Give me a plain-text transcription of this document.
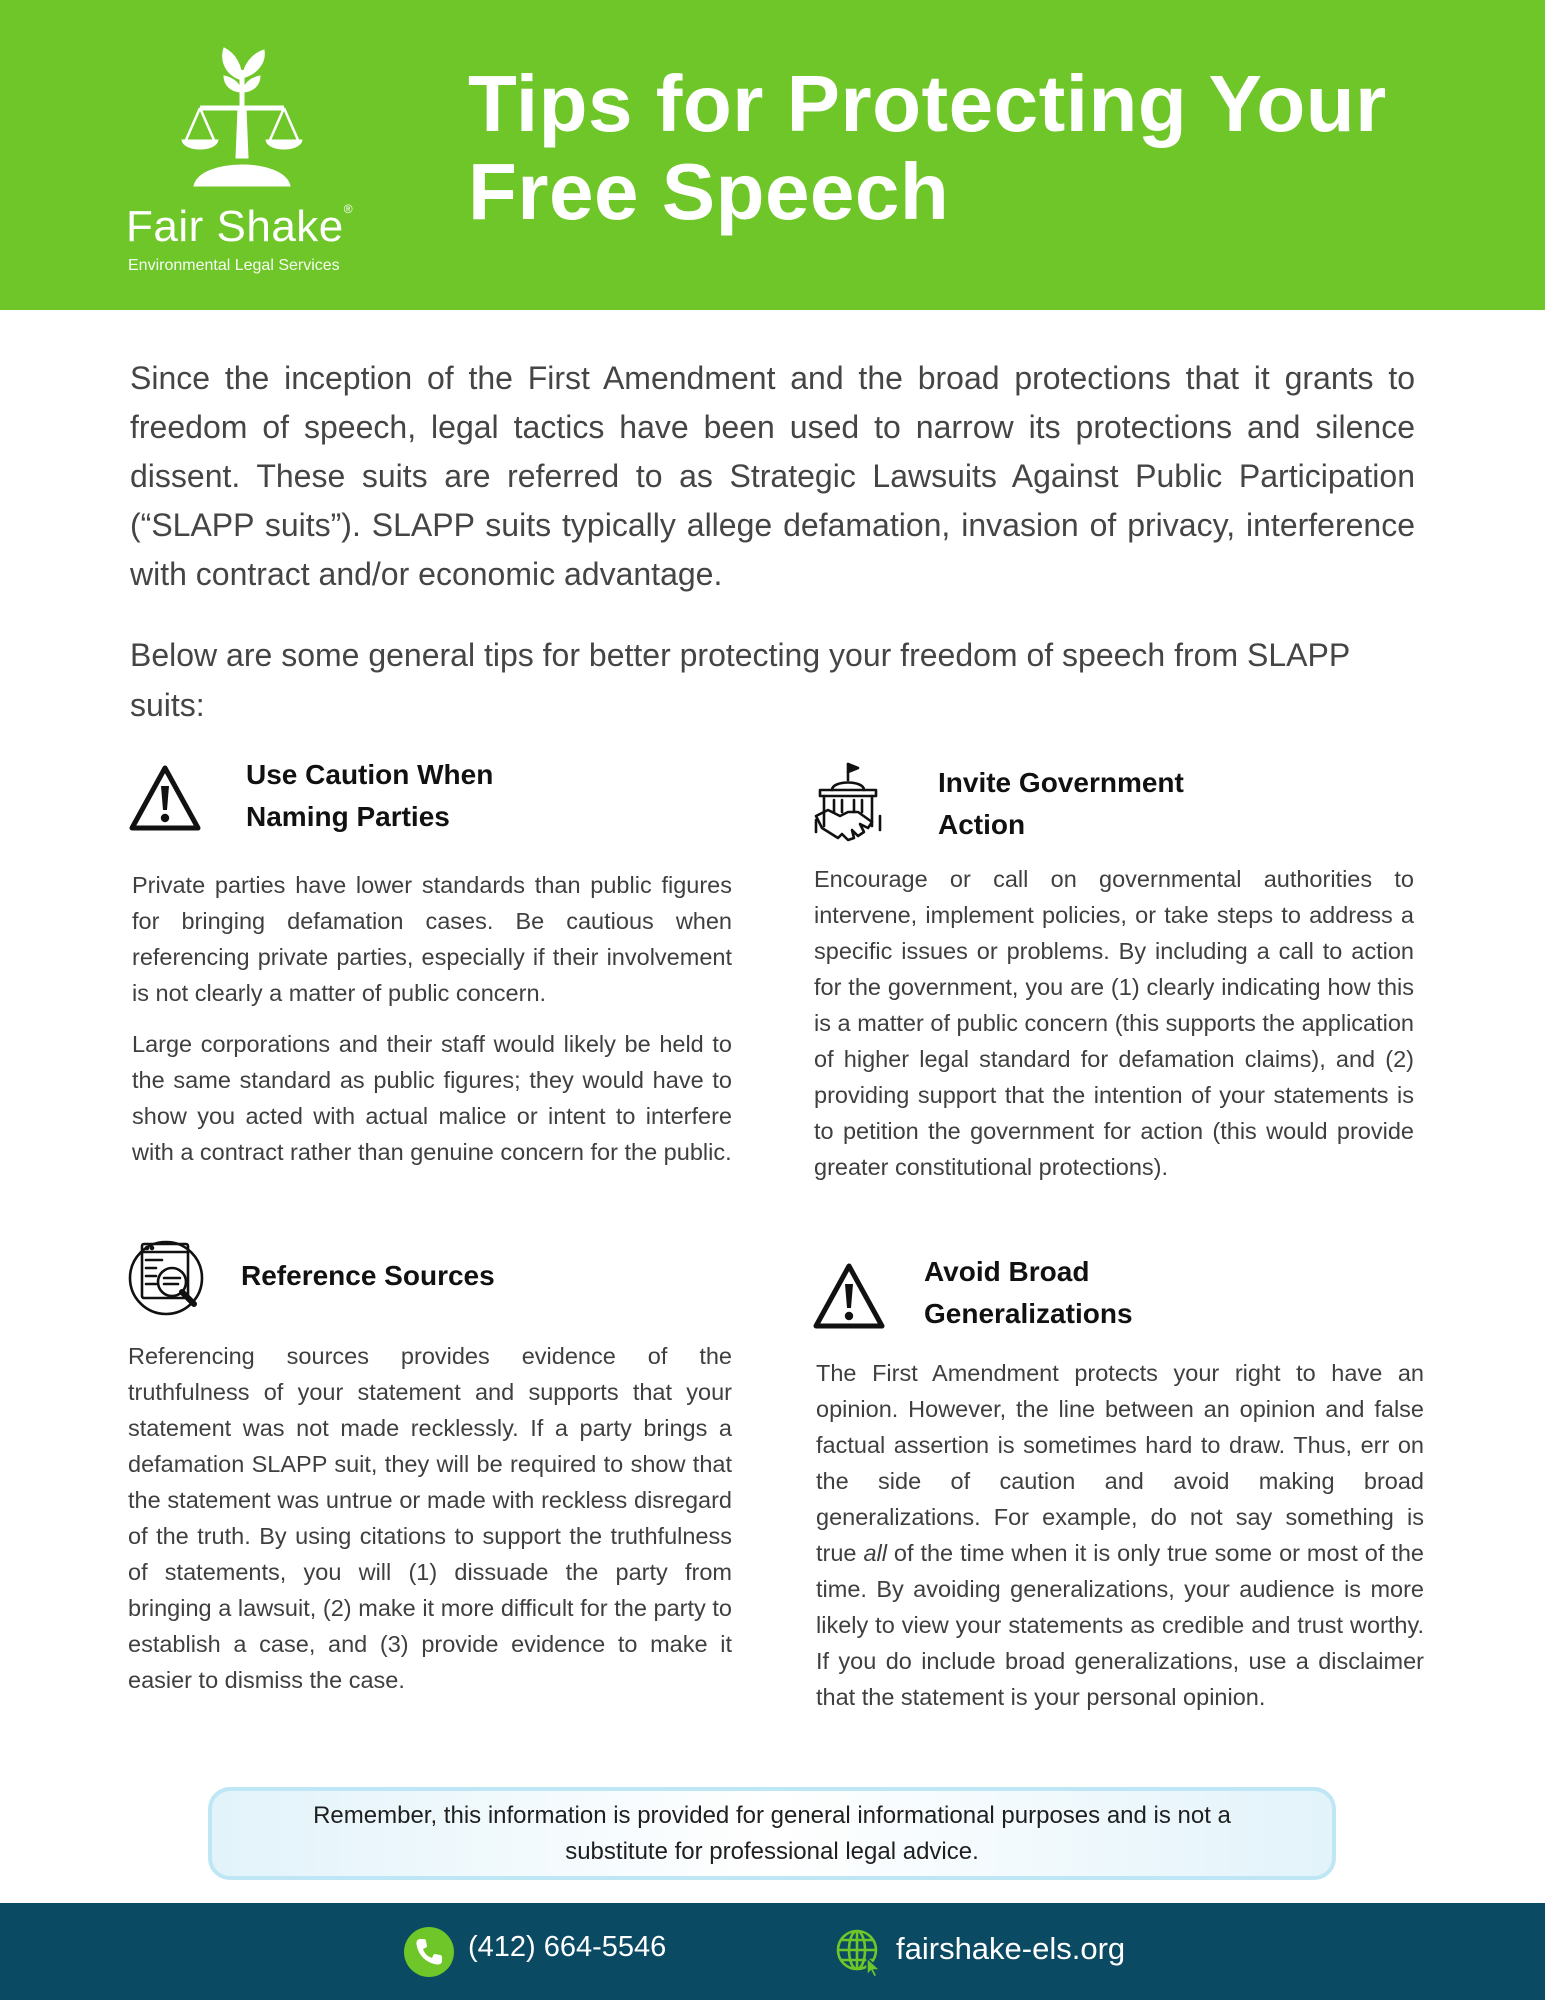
Fair Shake®
Environmental Legal Services
Tips for Protecting Your
Free Speech

Since the inception of the First Amendment and the broad protections that it grants to freedom of speech, legal tactics have been used to narrow its protections and silence dissent. These suits are referred to as Strategic Lawsuits Against Public Participation (“SLAPP suits”). SLAPP suits typically allege defamation, invasion of privacy, interference with contract and/or economic advantage.

Below are some general tips for better protecting your freedom of speech from SLAPP suits:

Use Caution When
Naming Parties

Private parties have lower standards than public figures for bringing defamation cases. Be cautious when referencing private parties, especially if their involvement is not clearly a matter of public concern.

Large corporations and their staff would likely be held to the same standard as public figures; they would have to show you acted with actual malice or intent to interfere with a contract rather than genuine concern for the public.

Invite Government
Action

Encourage or call on governmental authorities to intervene, implement policies, or take steps to address a specific issues or problems. By including a call to action for the government, you are (1) clearly indicating how this is a matter of public concern (this supports the application of higher legal standard for defamation claims), and (2) providing support that the intention of your statements is to petition the government for action (this would provide greater constitutional protections).

Reference Sources

Referencing sources provides evidence of the truthfulness of your statement and supports that your statement was not made recklessly. If a party brings a defamation SLAPP suit, they will be required to show that the statement was untrue or made with reckless disregard of the truth. By using citations to support the truthfulness of statements, you will (1) dissuade the party from bringing a lawsuit, (2) make it more difficult for the party to establish a case, and (3) provide evidence to make it easier to dismiss the case.

Avoid Broad
Generalizations

The First Amendment protects your right to have an opinion. However, the line between an opinion and false factual assertion is sometimes hard to draw. Thus, err on the side of caution and avoid making broad generalizations. For example, do not say something is true all of the time when it is only true some or most of the time. By avoiding generalizations, your audience is more likely to view your statements as credible and trust worthy. If you do include broad generalizations, use a disclaimer that the statement is your personal opinion.

Remember, this information is provided for general informational purposes and is not a substitute for professional legal advice.
(412) 664-5546	fairshake-els.org
